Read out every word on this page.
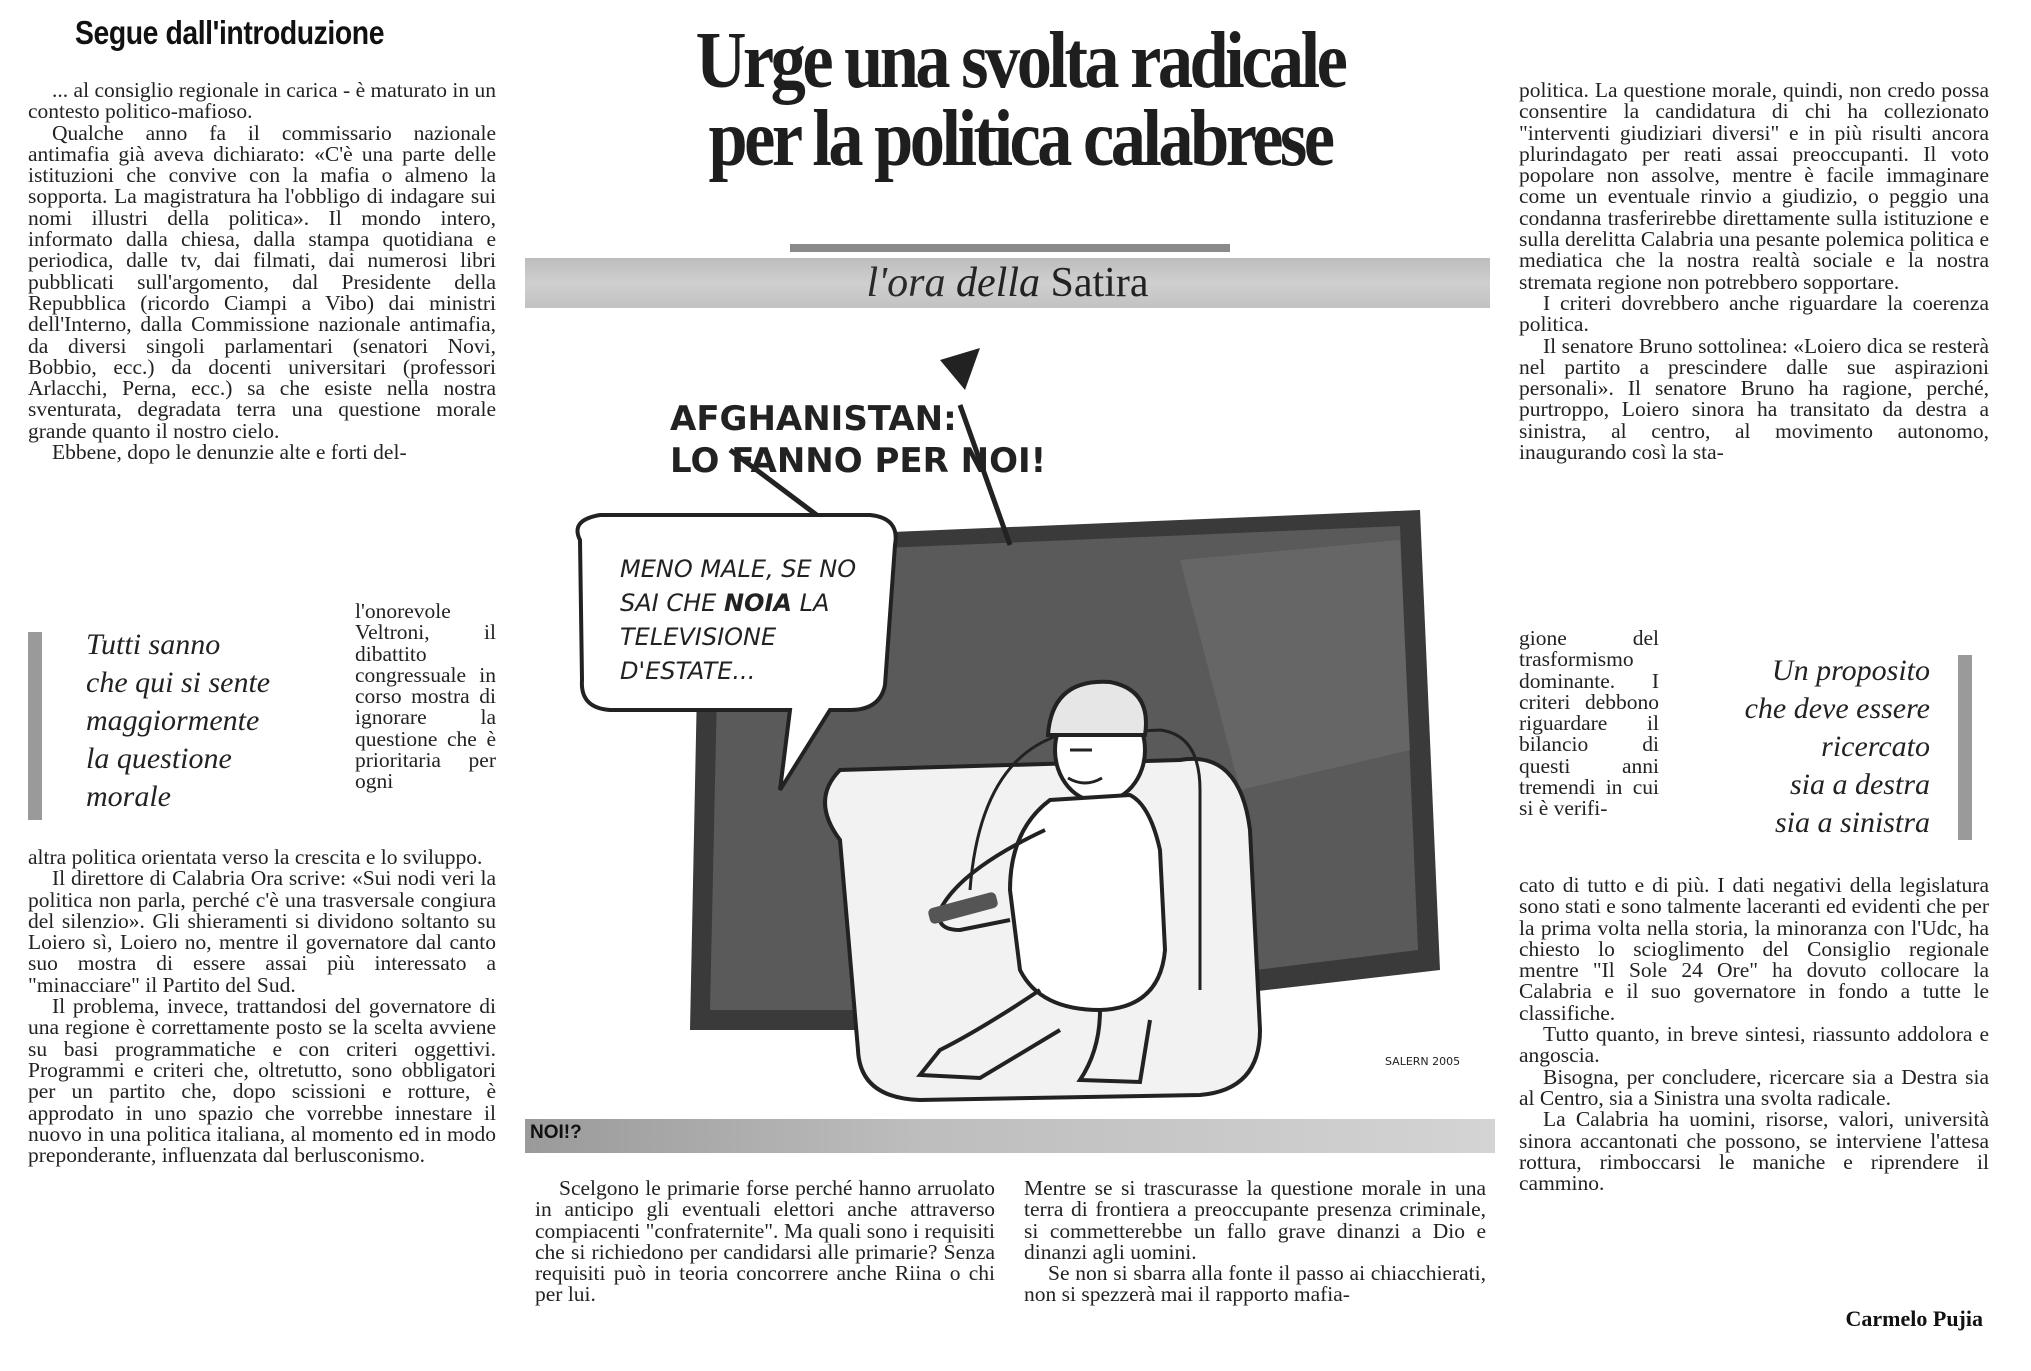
Segue dall'introduzione

... al consiglio regionale in carica - è maturato in un contesto politico-mafioso.

Qualche anno fa il commissario nazionale antimafia già aveva dichiarato: «C'è una parte delle istituzioni che convive con la mafia o almeno la sopporta. La magistratura ha l'obbligo di indagare sui nomi illustri della politica». Il mondo intero, informato dalla chiesa, dalla stampa quotidiana e periodica, dalle tv, dai filmati, dai numerosi libri pubblicati sull'argomento, dal Presidente della Repubblica (ricordo Ciampi a Vibo) dai ministri dell'Interno, dalla Commissione nazionale antimafia, da diversi singoli parlamentari (senatori Novi, Bobbio, ecc.) da docenti universitari (professori Arlacchi, Perna, ecc.) sa che esiste nella nostra sventurata, degradata terra una questione morale grande quanto il nostro cielo.

Ebbene, dopo le denunzie alte e forti del-

l'onorevole Veltroni, il dibattito congressuale in corso mostra di ignorare la questione che è prioritaria per ogni

altra politica orientata verso la crescita e lo sviluppo.

Il direttore di Calabria Ora scrive: «Sui nodi veri la politica non parla, perché c'è una trasversale congiura del silenzio». Gli shieramenti si dividono soltanto su Loiero sì, Loiero no, mentre il governatore dal canto suo mostra di essere assai più interessato a "minacciare" il Partito del Sud.

Il problema, invece, trattandosi del governatore di una regione è correttamente posto se la scelta avviene su basi programmatiche e con criteri oggettivi. Programmi e criteri che, oltretutto, sono obbligatori per un partito che, dopo scissioni e rotture, è approdato in uno spazio che vorrebbe innestare il nuovo in una politica italiana, al momento ed in modo preponderante, influenzata dal berlusconismo.

Tutti sanno
che qui si sente
maggiormente
la questione
morale
Urge una svolta radicale
per la politica calabrese
l'ora della Satira
AFGHANISTAN:
LO FANNO PER NOI!
MENO MALE, SE NO
SAI CHE NOIA LA
TELEVISIONE
D'ESTATE...
SALERN 2005
NOI!?

Scelgono le primarie forse perché hanno arruolato in anticipo gli eventuali elettori anche attraverso compiacenti "confraternite". Ma quali sono i requisiti che si richiedono per candidarsi alle primarie? Senza requisiti può in teoria concorrere anche Riina o chi per lui.

Mentre se si trascurasse la questione morale in una terra di frontiera a preoccupante presenza criminale, si commetterebbe un fallo grave dinanzi a Dio e dinanzi agli uomini.

Se non si sbarra alla fonte il passo ai chiacchierati, non si spezzerà mai il rapporto mafia-

politica. La questione morale, quindi, non credo possa consentire la candidatura di chi ha collezionato "interventi giudiziari diversi" e in più risulti ancora plurindagato per reati assai preoccupanti. Il voto popolare non assolve, mentre è facile immaginare come un eventuale rinvio a giudizio, o peggio una condanna trasferirebbe direttamente sulla istituzione e sulla derelitta Calabria una pesante polemica politica e mediatica che la nostra realtà sociale e la nostra stremata regione non potrebbero sopportare.

I criteri dovrebbero anche riguardare la coerenza politica.

Il senatore Bruno sottolinea: «Loiero dica se resterà nel partito a prescindere dalle sue aspirazioni personali». Il senatore Bruno ha ragione, perché, purtroppo, Loiero sinora ha transitato da destra a sinistra, al centro, al movimento autonomo, inaugurando così la sta-

gione del trasformismo dominante. I criteri debbono riguardare il bilancio di questi anni tremendi in cui si è verifi-

cato di tutto e di più. I dati negativi della legislatura sono stati e sono talmente laceranti ed evidenti che per la prima volta nella storia, la minoranza con l'Udc, ha chiesto lo scioglimento del Consiglio regionale mentre "Il Sole 24 Ore" ha dovuto collocare la Calabria e il suo governatore in fondo a tutte le classifiche.

Tutto quanto, in breve sintesi, riassunto addolora e angoscia.

Bisogna, per concludere, ricercare sia a Destra sia al Centro, sia a Sinistra una svolta radicale.

La Calabria ha uomini, risorse, valori, università sinora accantonati che possono, se interviene l'attesa rottura, rimboccarsi le maniche e riprendere il cammino.

Un proposito
che deve essere
ricercato
sia a destra
sia a sinistra
Carmelo Pujia
